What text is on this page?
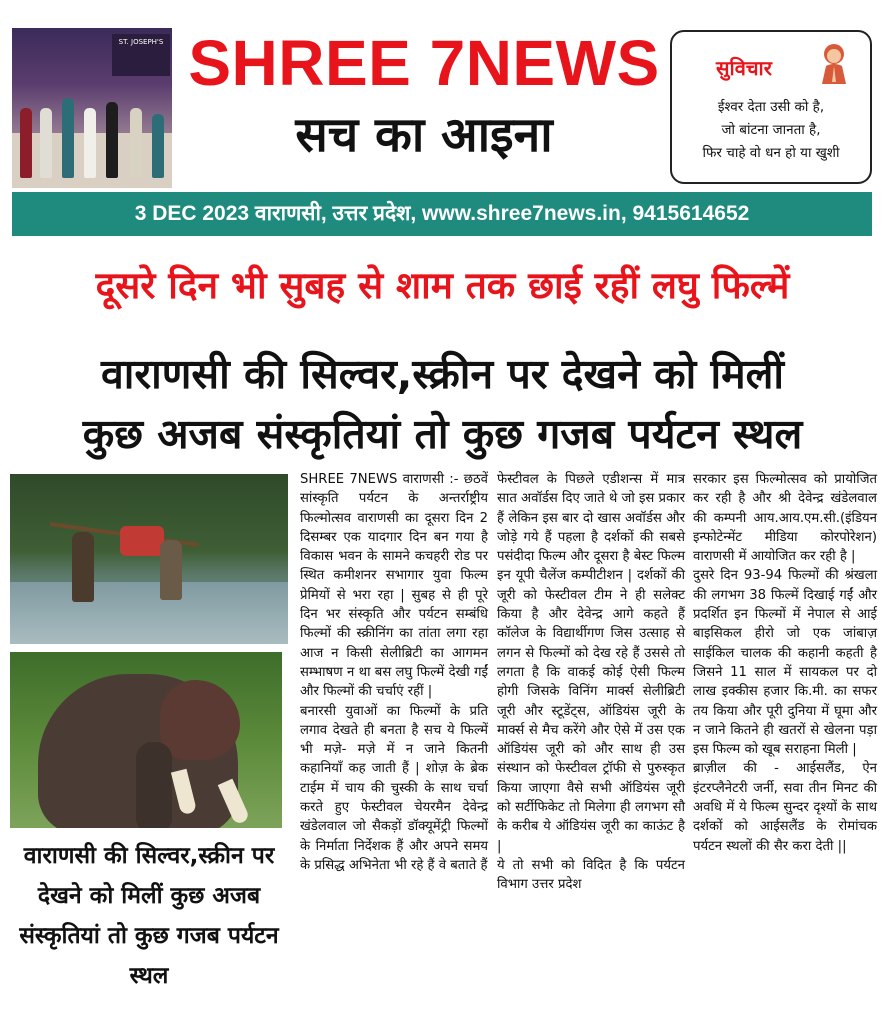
ST. JOSEPH'S SHREE 7NEWS
सच का आइना
सुविचार
ईश्वर देता उसी को है,
जो बांटना जानता है,
फिर चाहे वो धन हो या खुशी
3 DEC 2023 वाराणसी, उत्तर प्रदेश, www.shree7news.in, 9415614652
दूसरे दिन भी सुबह से शाम तक छाई रहीं लघु फिल्में
वाराणसी की सिल्वर,स्क्रीन पर देखने को मिलीं
कुछ अजब संस्कृतियां तो कुछ गजब पर्यटन स्थल
वाराणसी की सिल्वर,स्क्रीन पर देखने को मिलीं कुछ अजब संस्कृतियां तो कुछ गजब पर्यटन स्थल

SHREE 7NEWS वाराणसी :- छठवें सांस्कृति पर्यटन के अन्तर्राष्ट्रीय फिल्मोत्सव वाराणसी का दूसरा दिन 2 दिसम्बर एक यादगार दिन बन गया है विकास भवन के सामने कचहरी रोड पर स्थित कमीशनर सभागार युवा फिल्म प्रेमियों से भरा रहा | सुबह से ही पूरे दिन भर संस्कृति और पर्यटन सम्बंधि फिल्मों की स्क्रीनिंग का तांता लगा रहा आज न किसी सेलीब्रिटी का आगमन सम्भाषण न था बस लघु फिल्में देखी गईं और फिल्मों की चर्चाएं रहीं |

बनारसी युवाओं का फिल्मों के प्रति लगाव देखते ही बनता है सच ये फिल्में भी मज़े- मज़े में न जाने कितनी कहानियाँ कह जाती हैं | शोज़ के ब्रेक टाईम में चाय की चुस्की के साथ चर्चा करते हुए फेस्टीवल चेयरमैन देवेन्द्र खंडेलवाल जो सैकड़ों डॉक्यूमेंट्री फिल्मों के निर्माता निर्देशक हैं और अपने समय के प्रसिद्ध अभिनेता भी रहे हैं वे बताते हैं

फेस्टीवल के पिछले एडीशन्स में मात्र सात अवॉर्डस दिए जाते थे जो इस प्रकार हैं लेकिन इस बार दो खास अवॉर्डस और जोड़े गये हैं पहला है दर्शकों की सबसे पसंदीदा फिल्म और दूसरा है बेस्ट फिल्म इन यूपी चैलेंज कम्पीटीशन | दर्शकों की जूरी को फेस्टीवल टीम ने ही सलेक्ट किया है और देवेन्द्र आगे कहते हैं कॉलेज के विद्यार्थीगण जिस उत्साह से लगन से फिल्मों को देख रहे हैं उससे तो लगता है कि वाकई कोई ऐसी फिल्म होगी जिसके विनिंग मार्क्स सेलीब्रिटी जूरी और स्टूडेंट्स, ऑडियंस जूरी के मार्क्स से मैच करेंगे और ऐसे में उस एक ऑडियंस जूरी को और साथ ही उस संस्थान को फेस्टीवल ट्रॉफी से पुरुस्कृत किया जाएगा वैसे सभी ऑडियंस जूरी को सर्टीफिकेट तो मिलेगा ही लगभग सौ के करीब ये ऑडियंस जूरी का काऊंट है |

ये तो सभी को विदित है कि पर्यटन विभाग उत्तर प्रदेश

सरकार इस फिल्मोत्सव को प्रायोजित कर रही है और श्री देवेन्द्र खंडेलवाल की कम्पनी आय.आय.एम.सी.(इंडियन इन्फोटेन्मेंट मीडिया कोरपोरेशन) वाराणसी में आयोजित कर रही है |

दुसरे दिन 93-94 फिल्मों की श्रंखला की लगभग 38 फिल्में दिखाई गईं और प्रदर्शित इन फिल्मों में नेपाल से आई बाइसिकल हीरो जो एक जांबाज़ साईकिल चालक की कहानी कहती है जिसने 11 साल में सायकल पर दो लाख इक्कीस हजार कि.मी. का सफर तय किया और पूरी दुनिया में घूमा और न जाने कितने ही खतरों से खेलना पड़ा इस फिल्म को खूब सराहना मिली |

ब्राज़ील की - आईसलैंड, ऐन इंटरप्लैनेटरी जर्नी, सवा तीन मिनट की अवधि में ये फिल्म सुन्दर दृश्यों के साथ दर्शकों को आईसलैंड के रोमांचक पर्यटन स्थलों की सैर करा देती ||
